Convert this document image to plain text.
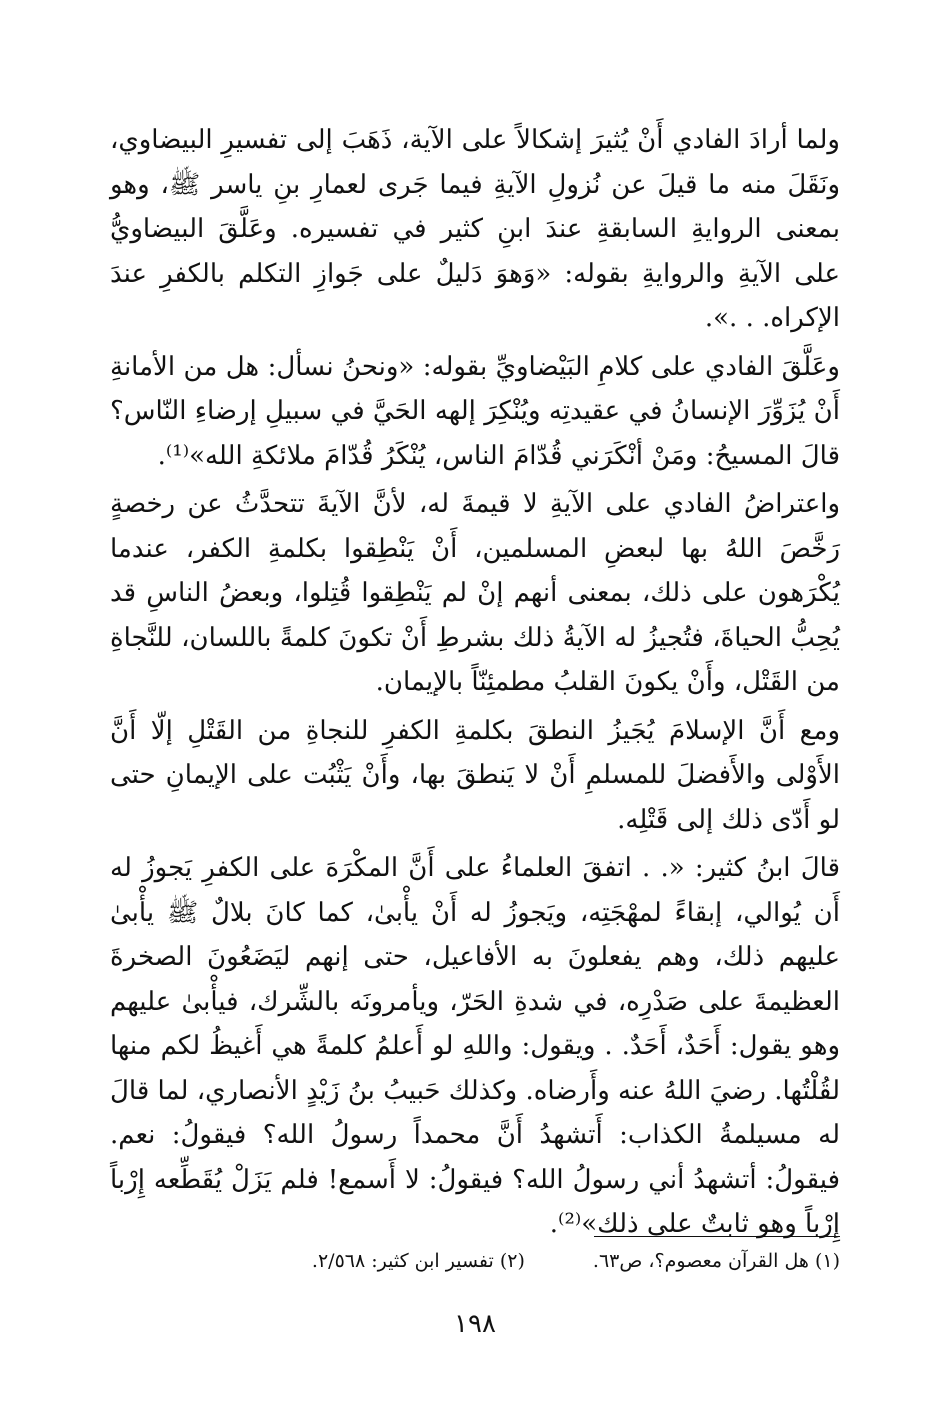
ولما أرادَ الفادي أَنْ يُثيرَ إشكالاً على الآية، ذَهَبَ إلى تفسيرِ البيضاوي، ونَقَلَ منه ما قيلَ عن نُزولِ الآيةِ فيما جَرى لعمارِ بنِ ياسر ﷺ، وهو بمعنى الروايةِ السابقةِ عندَ ابنِ كثير في تفسيره. وعَلَّقَ البيضاويُّ على الآيةِ والروايةِ بقوله: «وَهوَ دَليلٌ على جَوازِ التكلم بالكفرِ عندَ الإكراه. . .».

وعَلَّقَ الفادي على كلامِ البَيْضاويِّ بقوله: «ونحنُ نسأل: هل من الأمانةِ أَنْ يُزَوِّرَ الإنسانُ في عقيدتِه ويُنْكِرَ إلهه الحَيَّ في سبيلِ إرضاءِ النّاس؟ قالَ المسيحُ: ومَنْ أنْكَرَني قُدّامَ الناس، يُنْكَرُ قُدّامَ ملائكةِ الله»⁽¹⁾.

واعتراضُ الفادي على الآيةِ لا قيمةَ له، لأنَّ الآيةَ تتحدَّثُ عن رخصةٍ رَخَّصَ اللهُ بها لبعضِ المسلمين، أَنْ يَنْطِقوا بكلمةِ الكفر، عندما يُكْرَهون على ذلك، بمعنى أنهم إنْ لم يَنْطِقوا قُتِلوا، وبعضُ الناسِ قد يُحِبُّ الحياةَ، فتُجيزُ له الآيةُ ذلك بشرطِ أَنْ تكونَ كلمةً باللسان، للنَّجاةِ من القَتْل، وأَنْ يكونَ القلبُ مطمئِنّاً بالإيمان.

ومع أَنَّ الإسلامَ يُجَيزُ النطقَ بكلمةِ الكفرِ للنجاةِ من القَتْلِ إلّا أَنَّ الأَوْلى والأَفضلَ للمسلمِ أَنْ لا يَنطقَ بها، وأَنْ يَثْبُت على الإيمانِ حتى لو أَدّى ذلك إلى قَتْلِه.

قالَ ابنُ كثير: «. . اتفقَ العلماءُ على أَنَّ المكْرَهَ على الكفرِ يَجوزُ له أَن يُوالي، إبقاءً لمهْجَتِه، ويَجوزُ له أَنْ يأْبىٰ، كما كانَ بلالٌ ﷺ يأْبىٰ عليهم ذلك، وهم يفعلونَ به الأفاعيل، حتى إنهم ليَضَعُونَ الصخرةَ العظيمةَ على صَدْرِه، في شدةِ الحَرّ، ويأمرونَه بالشِّرك، فيأْبىٰ عليهم وهو يقول: أَحَدٌ، أَحَدٌ. . ويقول: واللهِ لو أَعلمُ كلمةً هي أَغيظُ لكم منها لقُلْتُها. رضيَ اللهُ عنه وأَرضاه. وكذلك حَبيبُ بنُ زَيْدٍ الأنصاري، لما قالَ له مسيلمةُ الكذاب: أَتشهدُ أَنَّ محمداً رسولُ الله؟ فيقولُ: نعم. فيقولُ: أتشهدُ أني رسولُ الله؟ فيقولُ: لا أَسمع! فلم يَزَلْ يُقَطِّعه إِرْباً إِرْباً وهو ثابتٌ على ذلك»⁽²⁾.

(١) هل القرآن معصوم؟، ص٦٣.
(٢) تفسير ابن كثير: ٢/٥٦٨.
١٩٨
